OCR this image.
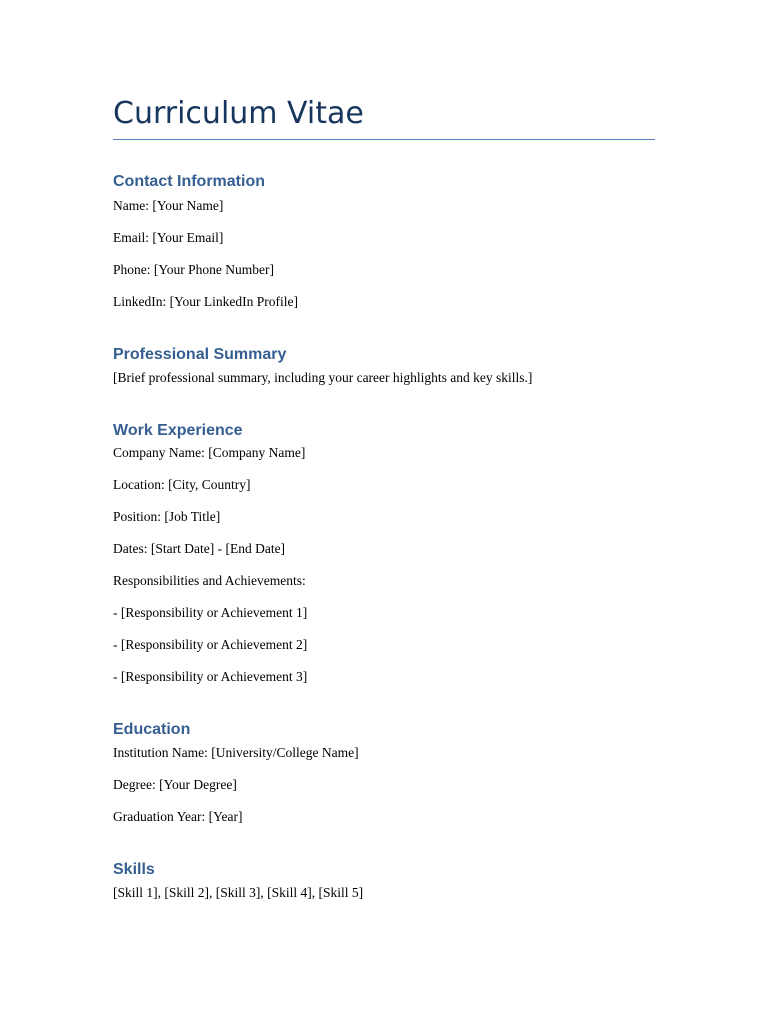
Curriculum Vitae
Contact Information

Name: [Your Name]

Email: [Your Email]

Phone: [Your Phone Number]

LinkedIn: [Your LinkedIn Profile]

Professional Summary

[Brief professional summary, including your career highlights and key skills.]

Work Experience

Company Name: [Company Name]

Location: [City, Country]

Position: [Job Title]

Dates: [Start Date] - [End Date]

Responsibilities and Achievements:

- [Responsibility or Achievement 1]

- [Responsibility or Achievement 2]

- [Responsibility or Achievement 3]

Education

Institution Name: [University/College Name]

Degree: [Your Degree]

Graduation Year: [Year]

Skills

[Skill 1], [Skill 2], [Skill 3], [Skill 4], [Skill 5]
